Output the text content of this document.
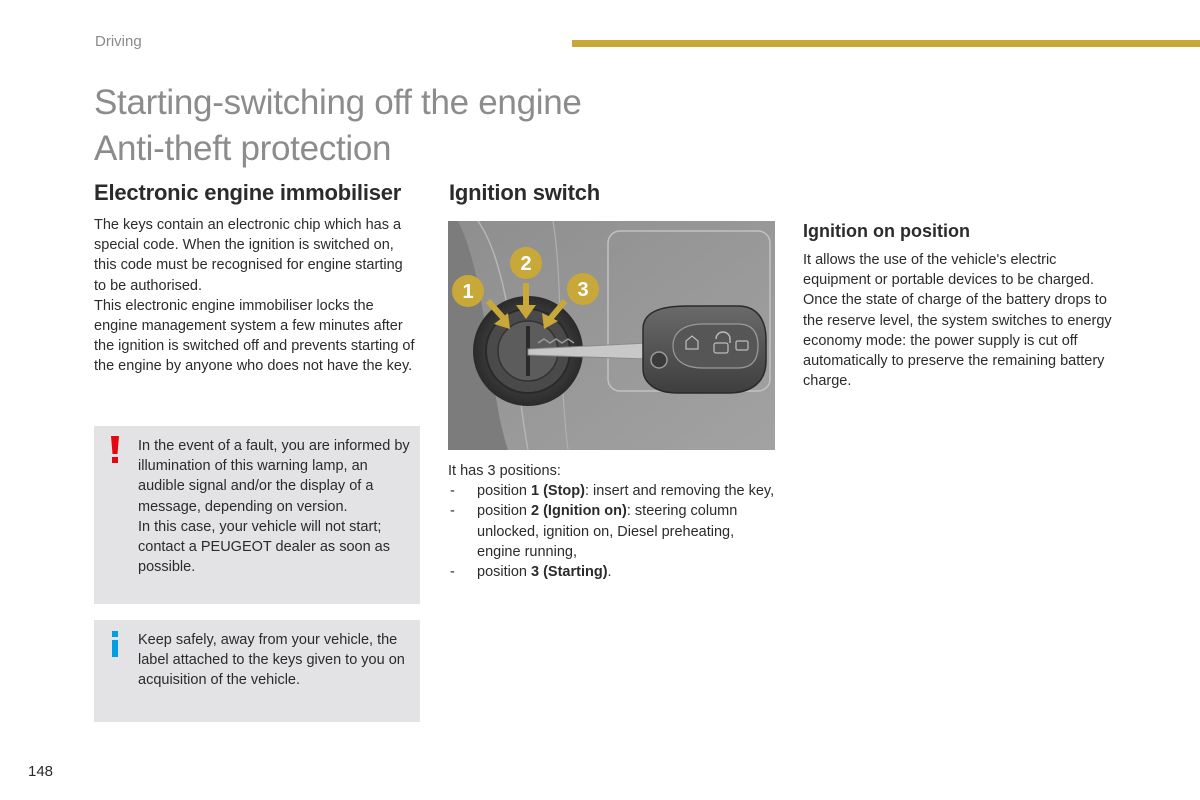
Driving
Starting-switching off the engine
Anti-theft protection
Electronic engine immobiliser

The keys contain an electronic chip which has a special code. When the ignition is switched on, this code must be recognised for engine starting to be authorised.

This electronic engine immobiliser locks the engine management system a few minutes after the ignition is switched off and prevents starting of the engine by anyone who does not have the key.

In the event of a fault, you are informed by illumination of this warning lamp, an audible signal and/or the display of a message, depending on version.

In this case, your vehicle will not start; contact a PEUGEOT dealer as soon as possible.

Keep safely, away from your vehicle, the label attached to the keys given to you on acquisition of the vehicle.

Ignition switch
1
2
3

It has 3 positions:

- position 1 (Stop): insert and removing the key,
- position 2 (Ignition on): steering column unlocked, ignition on, Diesel preheating, engine running,
- position 3 (Starting).
Ignition on position

It allows the use of the vehicle's electric equipment or portable devices to be charged. Once the state of charge of the battery drops to the reserve level, the system switches to energy economy mode: the power supply is cut off automatically to preserve the remaining battery charge.

148
